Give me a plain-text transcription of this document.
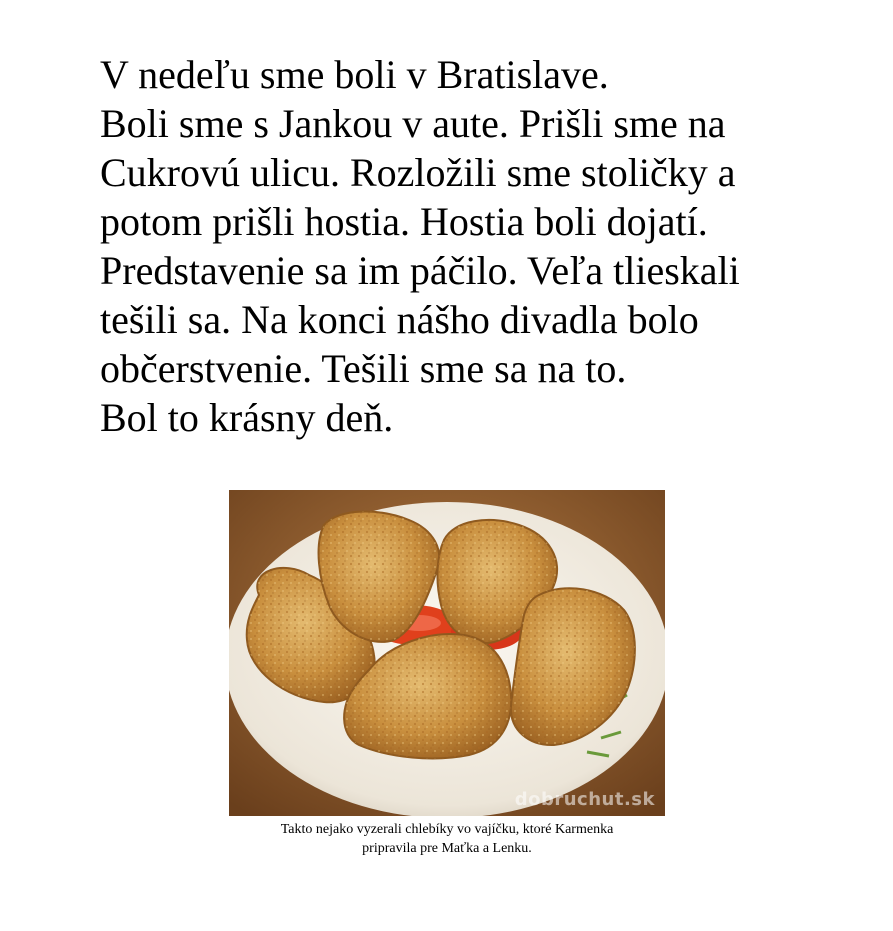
V nedeľu sme boli v Bratislave.
Boli sme s Jankou v aute. Prišli sme na
Cukrovú ulicu. Rozložili sme stoličky a
potom prišli hostia. Hostia boli dojatí.
Predstavenie sa im páčilo. Veľa tlieskali
tešili sa. Na konci nášho divadla bolo
občerstvenie. Tešili sme sa na to.
Bol to krásny deň.

dobruchut.sk

Takto nejako vyzerali chlebíky vo vajíčku, ktoré Karmenka
pripravila pre Maťka a Lenku.
